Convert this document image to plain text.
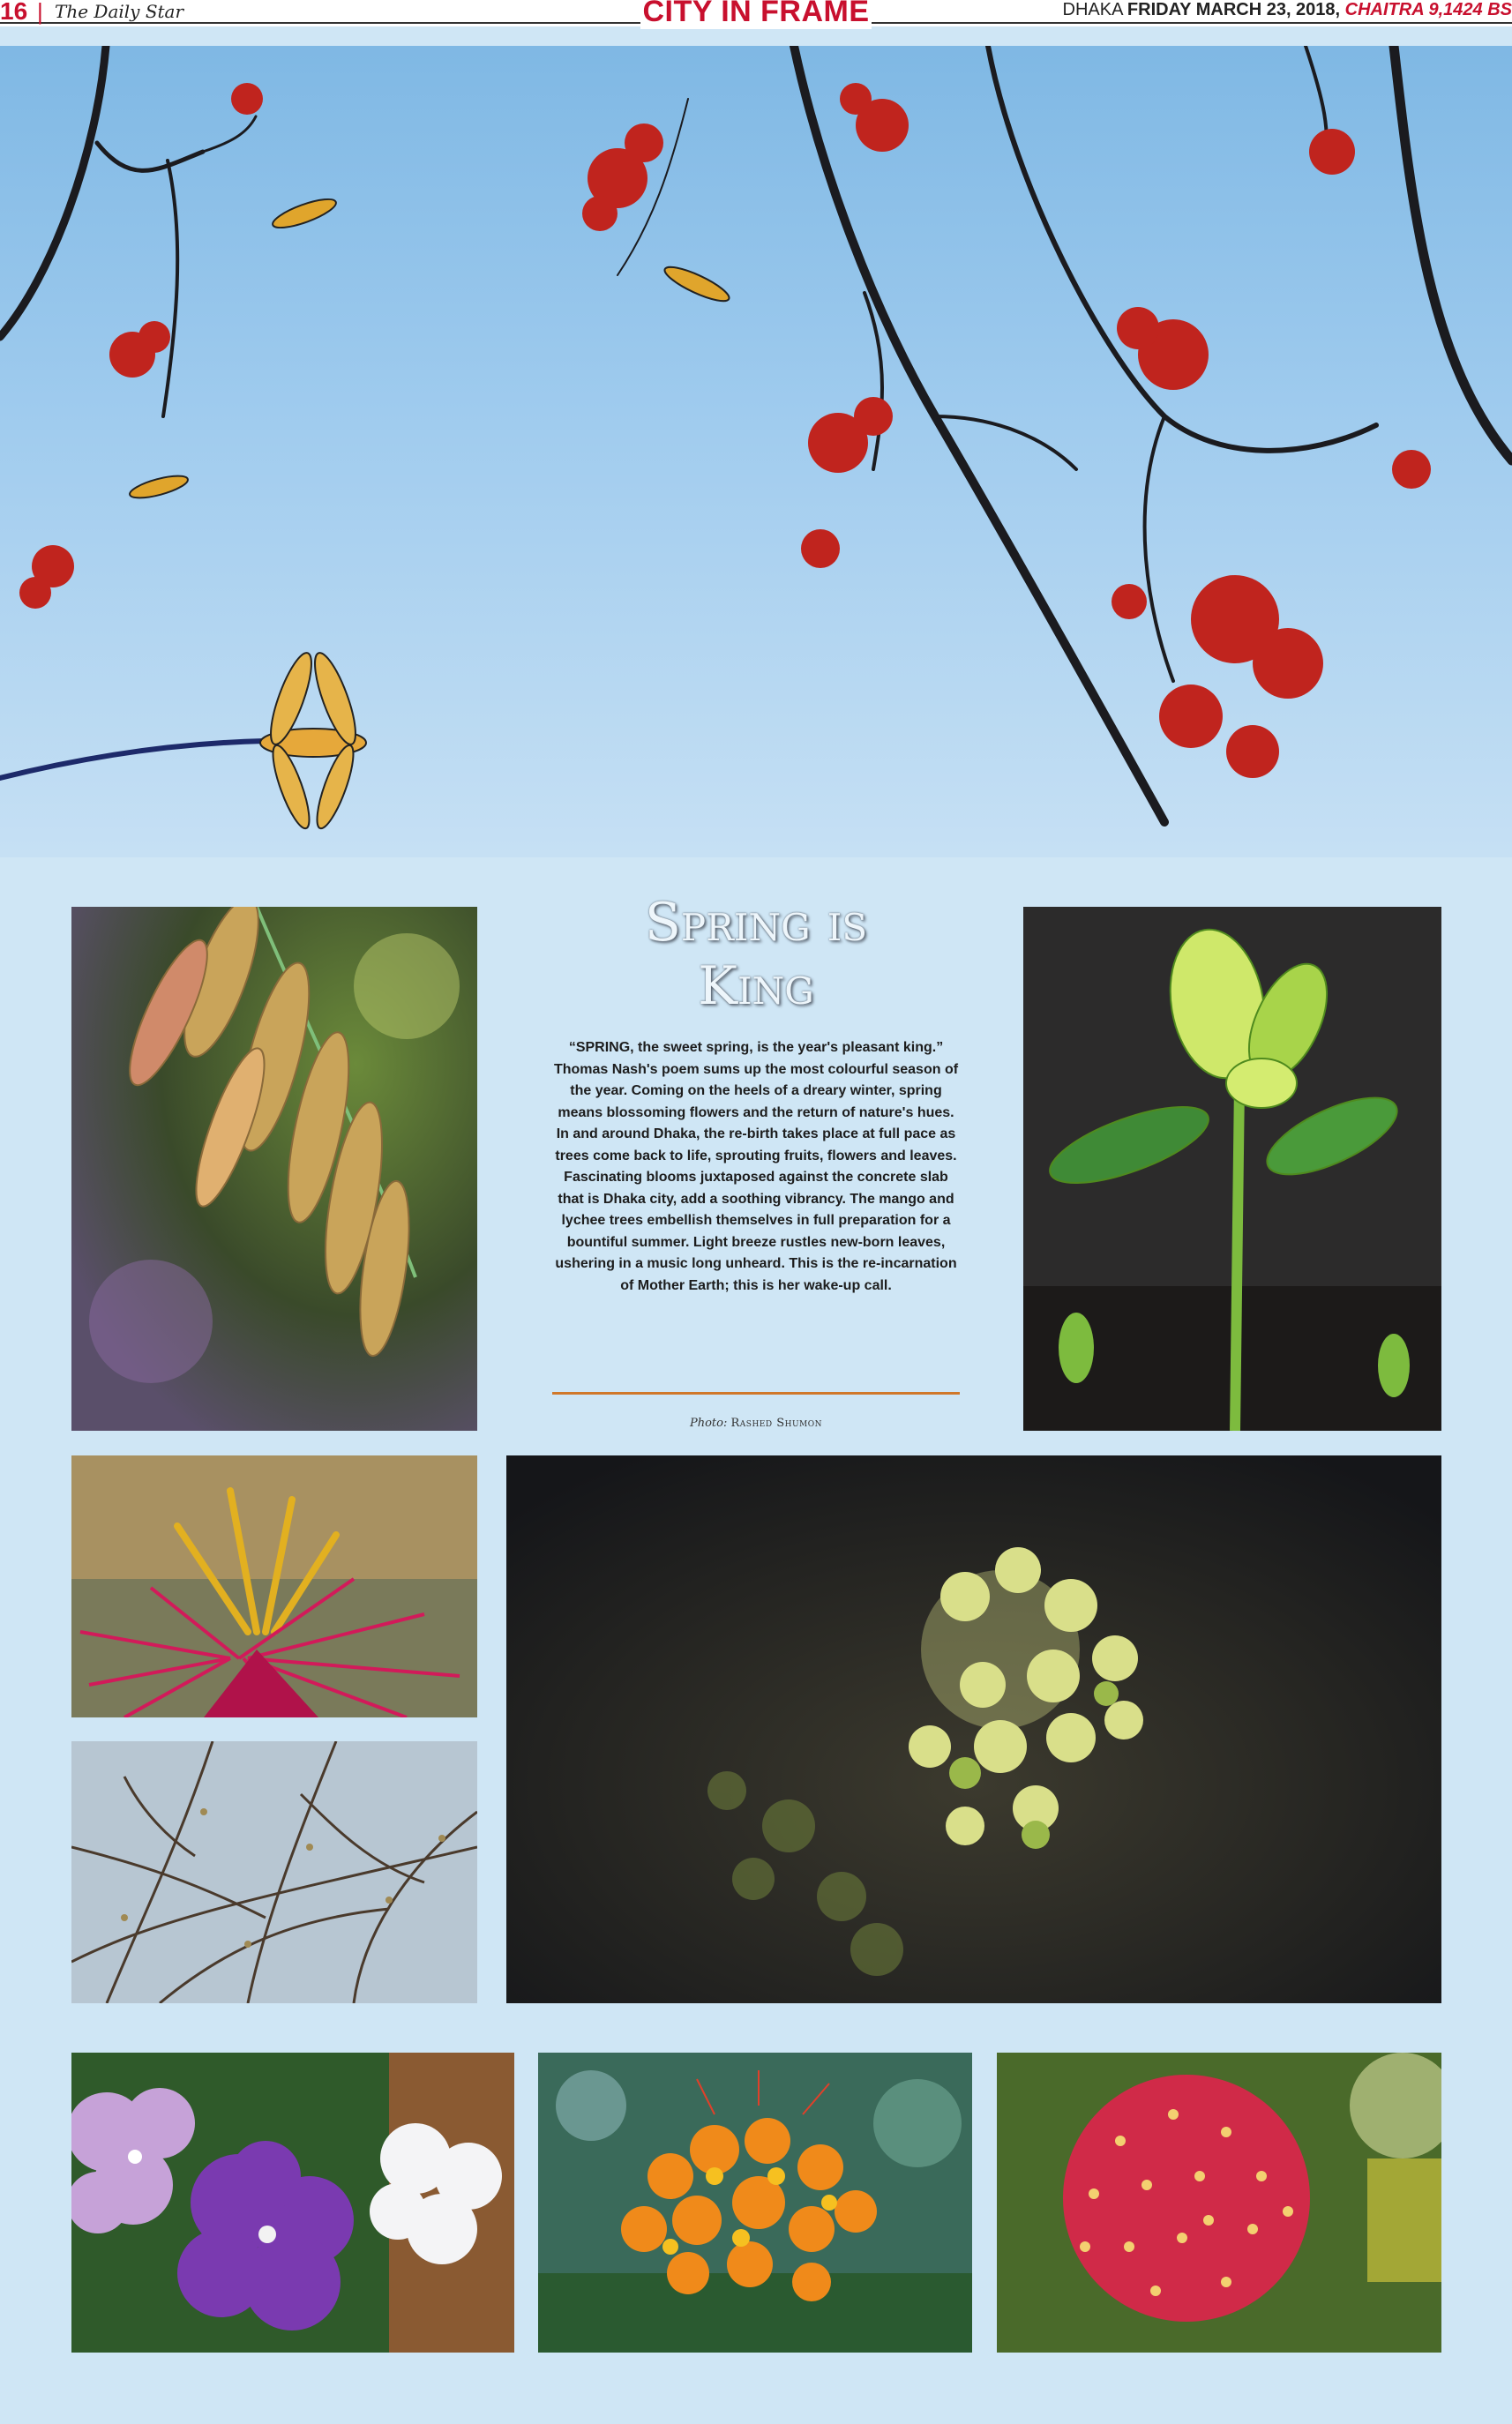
16 | The Daily Star	CITY IN FRAME	DHAKA FRIDAY MARCH 23, 2018, CHAITRA 9,1424 BS
Spring is
King
“SPRING, the sweet spring, is the year's pleasant king.” Thomas Nash's poem sums up the most colourful season of the year. Coming on the heels of a dreary winter, spring means blossoming flowers and the return of nature's hues. In and around Dhaka, the re-birth takes place at full pace as trees come back to life, sprouting fruits, flowers and leaves. Fascinating blooms juxtaposed against the concrete slab that is Dhaka city, add a soothing vibrancy. The mango and lychee trees embellish themselves in full preparation for a bountiful summer. Light breeze rustles new-born leaves, ushering in a music long unheard. This is the re-incarnation of Mother Earth; this is her wake-up call.
Photo: Rashed Shumon
